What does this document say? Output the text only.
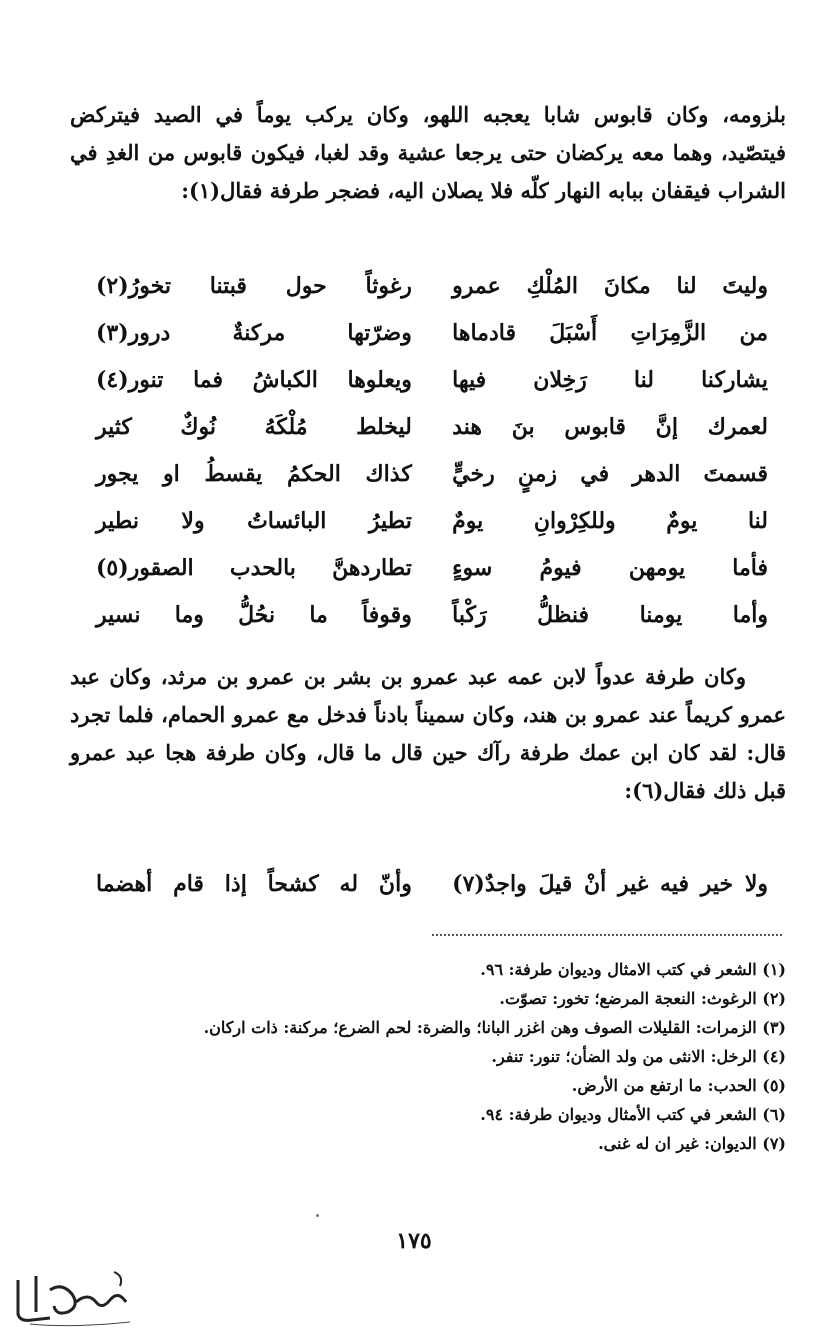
بلزومه، وكان قابوس شابا يعجبه اللهو، وكان يركب يوماً في الصيد فيتركض فيتصّيد، وهما معه يركضان حتى يرجعا عشية وقد لغبا، فيكون قابوس من الغدِ في الشراب فيقفان ببابه النهار كلّه فلا يصلان اليه، فضجر طرفة فقال(١):

وليتَ لنا مكانَ المُلْكِ عمرو
رغوثاً حول قبتنا تخورُ(٢)
من الزَّمِرَاتِ أَسْبَلَ قادماها
وضرّتها مركنةٌ درور(٣)
يشاركنا لنا رَخِلان فيها
ويعلوها الكباشُ فما تنور(٤)
لعمرك إنَّ قابوس بنَ هند
ليخلط مُلْكَهُ نُوكٌ كثير
قسمتَ الدهر في زمنٍ رخيٍّ
كذاك الحكمُ يقسطُ او يجور
لنا يومٌ وللكِرْوانِ يومٌ
تطيرُ البائساتُ ولا نطير
فأما يومهن فيومُ سوءٍ
تطاردهنَّ بالحدب الصقور(٥)
وأما يومنا فنظلُّ رَكْباً
وقوفاً ما نحُلُّ وما نسير

وكان طرفة عدواً لابن عمه عبد عمرو بن بشر بن عمرو بن مرثد، وكان عبد عمرو كريماً عند عمرو بن هند، وكان سميناً بادناً فدخل مع عمرو الحمام، فلما تجرد قال: لقد كان ابن عمك طرفة رآك حين قال ما قال، وكان طرفة هجا عبد عمرو قبل ذلك فقال(٦):

ولا خير فيه غير أنْ قيلَ واجدٌ(٧)
وأنّ له كشحاً إذا قام أهضما
(١) الشعر في كتب الامثال وديوان طرفة: ٩٦.
(٢) الرغوث: النعجة المرضع؛ تخور: تصوّت.
(٣) الزمرات: القليلات الصوف وهن اغزر البانا؛ والضرة: لحم الضرع؛ مركنة: ذات اركان.
(٤) الرخل: الانثى من ولد الضأن؛ تنور: تنفر.
(٥) الحدب: ما ارتفع من الأرض.
(٦) الشعر في كتب الأمثال وديوان طرفة: ٩٤.
(٧) الديوان: غير ان له غنى.
١٧٥
